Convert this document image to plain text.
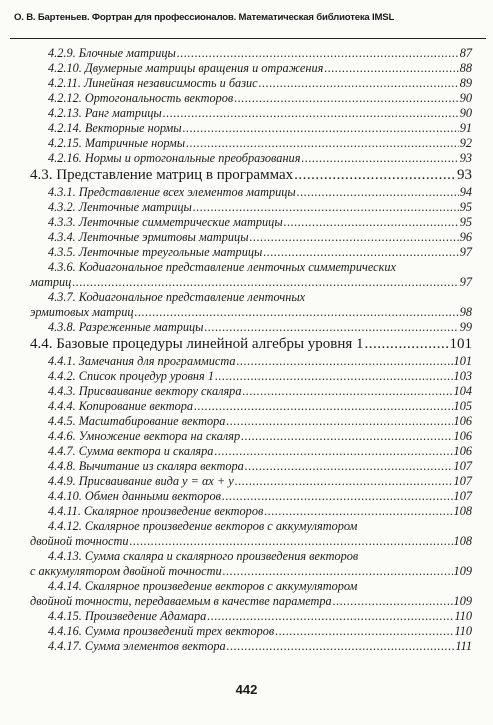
О. В. Бартеньев. Фортран для профессионалов. Математическая библиотека IMSL
4.2.9. Блочные матрицы .....	87
4.2.10. Двумерные матрицы вращения и отражения .....	88
4.2.11. Линейная независимость и базис .....	89
4.2.12. Ортогональность векторов .....	90
4.2.13. Ранг матрицы .....	90
4.2.14. Векторные нормы .....	91
4.2.15. Матричные нормы .....	92
4.2.16. Нормы и ортогональные преобразования .....	93
4.3. Представление матриц в программах .....	93
4.3.1. Представление всех элементов матрицы .....	94
4.3.2. Ленточные матрицы .....	95
4.3.3. Ленточные симметрические матрицы .....	95
4.3.4. Ленточные эрмитовы матрицы .....	96
4.3.5. Ленточные треугольные матрицы .....	97
4.3.6. Кодиагональное представление ленточных симметрических
матриц .....	97
4.3.7. Кодиагональное представление ленточных
эрмитовых матриц .....	98
4.3.8. Разреженные матрицы .....	99
4.4. Базовые процедуры линейной алгебры уровня 1 .....	101
4.4.1. Замечания для программиста .....	101
4.4.2. Список процедур уровня 1 .....	103
4.4.3. Присваивание вектору скаляра .....	104
4.4.4. Копирование вектора .....	105
4.4.5. Масштабирование вектора .....	106
4.4.6. Умножение вектора на скаляр .....	106
4.4.7. Сумма вектора и скаляра .....	106
4.4.8. Вычитание из скаляра вектора .....	107
4.4.9. Присваивание вида y = αx + y .....	107
4.4.10. Обмен данными векторов .....	107
4.4.11. Скалярное произведение векторов .....	108
4.4.12. Скалярное произведение векторов с аккумулятором
двойной точности .....	108
4.4.13. Сумма скаляра и скалярного произведения векторов
с аккумулятором двойной точности .....	109
4.4.14. Скалярное произведение векторов с аккумулятором
двойной точности, передаваемым в качестве параметра .....	109
4.4.15. Произведение Адамара .....	110
4.4.16. Сумма произведений трех векторов .....	110
4.4.17. Сумма элементов вектора .....	111
442
